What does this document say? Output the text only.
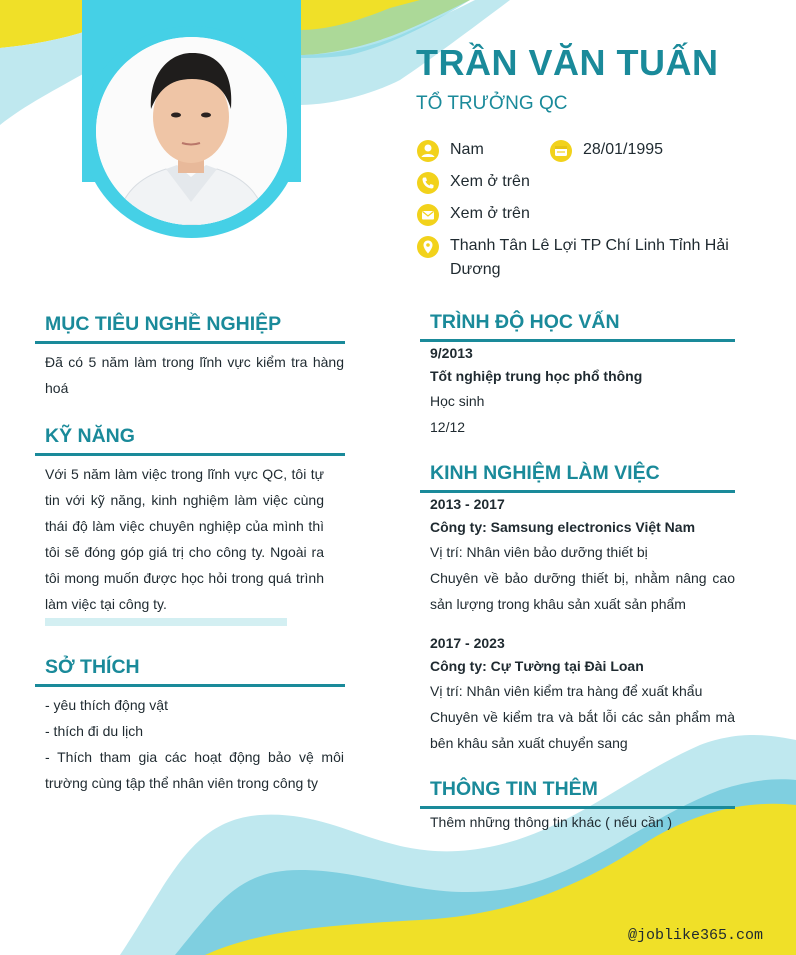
TRẦN VĂN TUẤN
TỔ TRƯỞNG QC
Nam	28/01/1995
Xem ở trên
Xem ở trên
Thanh Tân Lê Lợi TP Chí Linh Tỉnh Hải Dương
MỤC TIÊU NGHỀ NGHIỆP
Đã có 5 năm làm trong lĩnh vực kiểm tra hàng hoá
KỸ NĂNG
Với 5 năm làm việc trong lĩnh vực QC, tôi tự tin với kỹ năng, kinh nghiệm làm việc cùng thái độ làm việc chuyên nghiệp của mình thì tôi sẽ đóng góp giá trị cho công ty. Ngoài ra tôi mong muốn được học hỏi trong quá trình làm việc tại công ty.
SỞ THÍCH
- yêu thích động vật
- thích đi du lịch
- Thích tham gia các hoạt động bảo vệ môi trường cùng tập thể nhân viên trong công ty
TRÌNH ĐỘ HỌC VẤN
9/2013
Tốt nghiệp trung học phổ thông
Học sinh
12/12
KINH NGHIỆM LÀM VIỆC
2013 - 2017
Công ty: Samsung electronics Việt Nam
Vị trí: Nhân viên bảo dưỡng thiết bị
Chuyên về bảo dưỡng thiết bị, nhằm nâng cao sản lượng trong khâu sản xuất sản phẩm
2017 - 2023
Công ty: Cự Tường tại Đài Loan
Vị trí: Nhân viên kiểm tra hàng để xuất khẩu
Chuyên về kiểm tra và bắt lỗi các sản phẩm mà bên khâu sản xuất chuyển sang
THÔNG TIN THÊM
Thêm những thông tin khác ( nếu cần )
@joblike365.com
